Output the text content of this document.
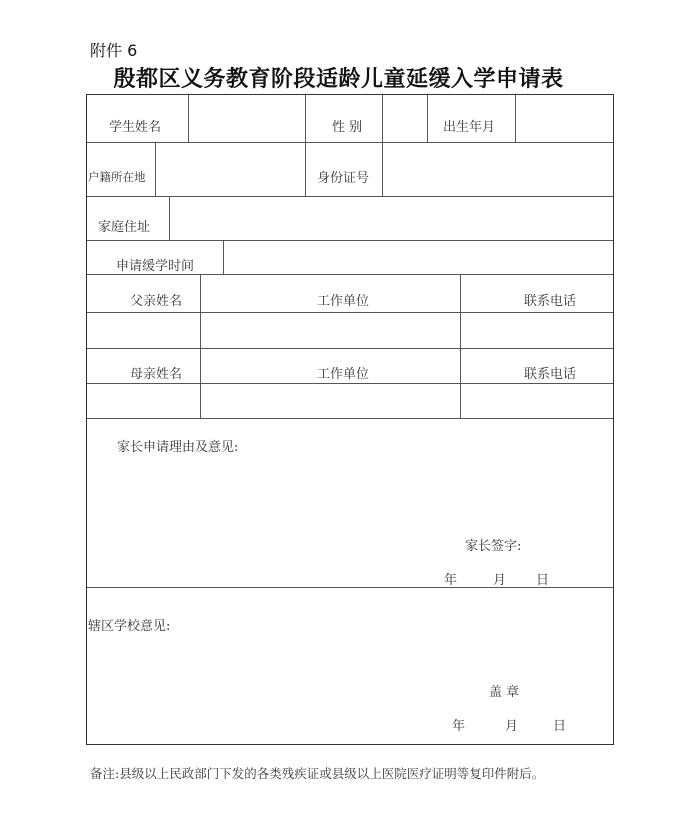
附件 6
殷都区义务教育阶段适龄儿童延缓入学申请表
学生姓名	性 别	出生年月
户籍所在地	身份证号
家庭住址
申请缓学时间
父亲姓名	工作单位	联系电话
母亲姓名	工作单位	联系电话
家长申请理由及意见:
家长签字:
年	月 日
辖区学校意见:
盖 章
年	月	日
备注:县级以上民政部门下发的各类残疾证或县级以上医院医疗证明等复印件附后。
